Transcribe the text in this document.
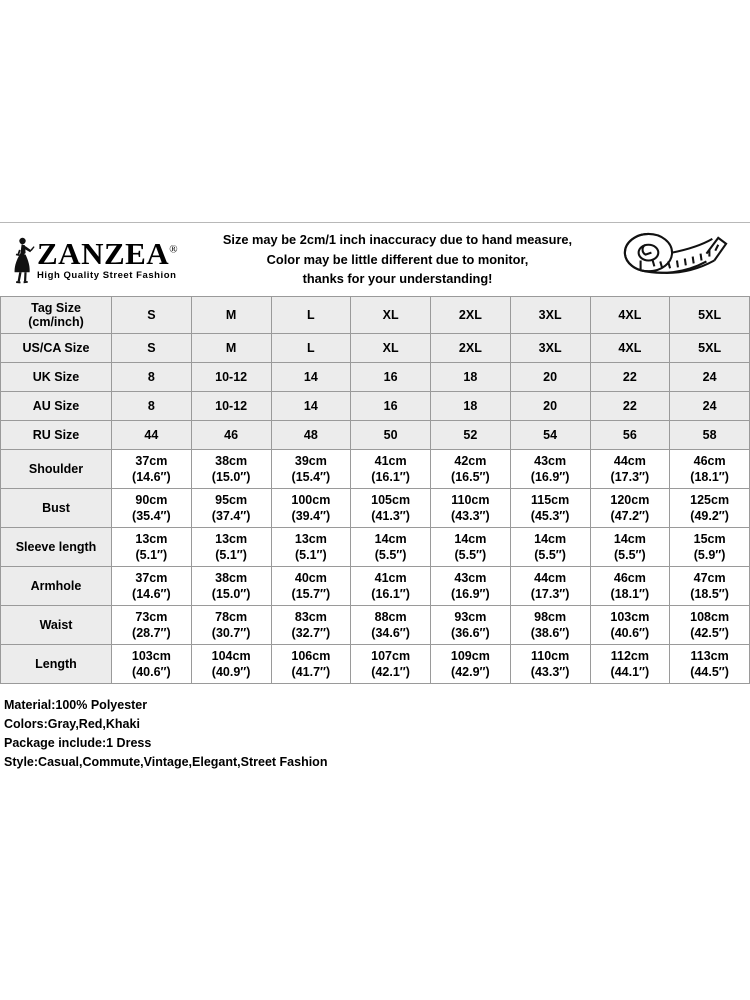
ZANZEA®
High Quality Street Fashion
Size may be 2cm/1 inch inaccuracy due to hand measure,
Color may be little different due to monitor,
thanks for your understanding!
Tag Size
(cm/inch)	S	M	L	XL	2XL	3XL	4XL	5XL
US/CA Size	S	M	L	XL	2XL	3XL	4XL	5XL
UK Size	8	10-12	14	16	18	20	22	24
AU Size	8	10-12	14	16	18	20	22	24
RU Size	44	46	48	50	52	54	56	58
Shoulder	37cm
(14.6″)	38cm
(15.0″)	39cm
(15.4″)	41cm
(16.1″)	42cm
(16.5″)	43cm
(16.9″)	44cm
(17.3″)	46cm
(18.1″)

Bust	90cm
(35.4″)	95cm
(37.4″)	100cm
(39.4″)	105cm
(41.3″)	110cm
(43.3″)	115cm
(45.3″)	120cm
(47.2″)	125cm
(49.2″)

Sleeve length	13cm
(5.1″)	13cm
(5.1″)	13cm
(5.1″)	14cm
(5.5″)	14cm
(5.5″)	14cm
(5.5″)	14cm
(5.5″)	15cm
(5.9″)

Armhole	37cm
(14.6″)	38cm
(15.0″)	40cm
(15.7″)	41cm
(16.1″)	43cm
(16.9″)	44cm
(17.3″)	46cm
(18.1″)	47cm
(18.5″)

Waist	73cm
(28.7″)	78cm
(30.7″)	83cm
(32.7″)	88cm
(34.6″)	93cm
(36.6″)	98cm
(38.6″)	103cm
(40.6″)	108cm
(42.5″)

Length	103cm
(40.6″)	104cm
(40.9″)	106cm
(41.7″)	107cm
(42.1″)	109cm
(42.9″)	110cm
(43.3″)	112cm
(44.1″)	113cm
(44.5″)
Material:100% Polyester
Colors:Gray,Red,Khaki
Package include:1 Dress
Style:Casual,Commute,Vintage,Elegant,Street Fashion
